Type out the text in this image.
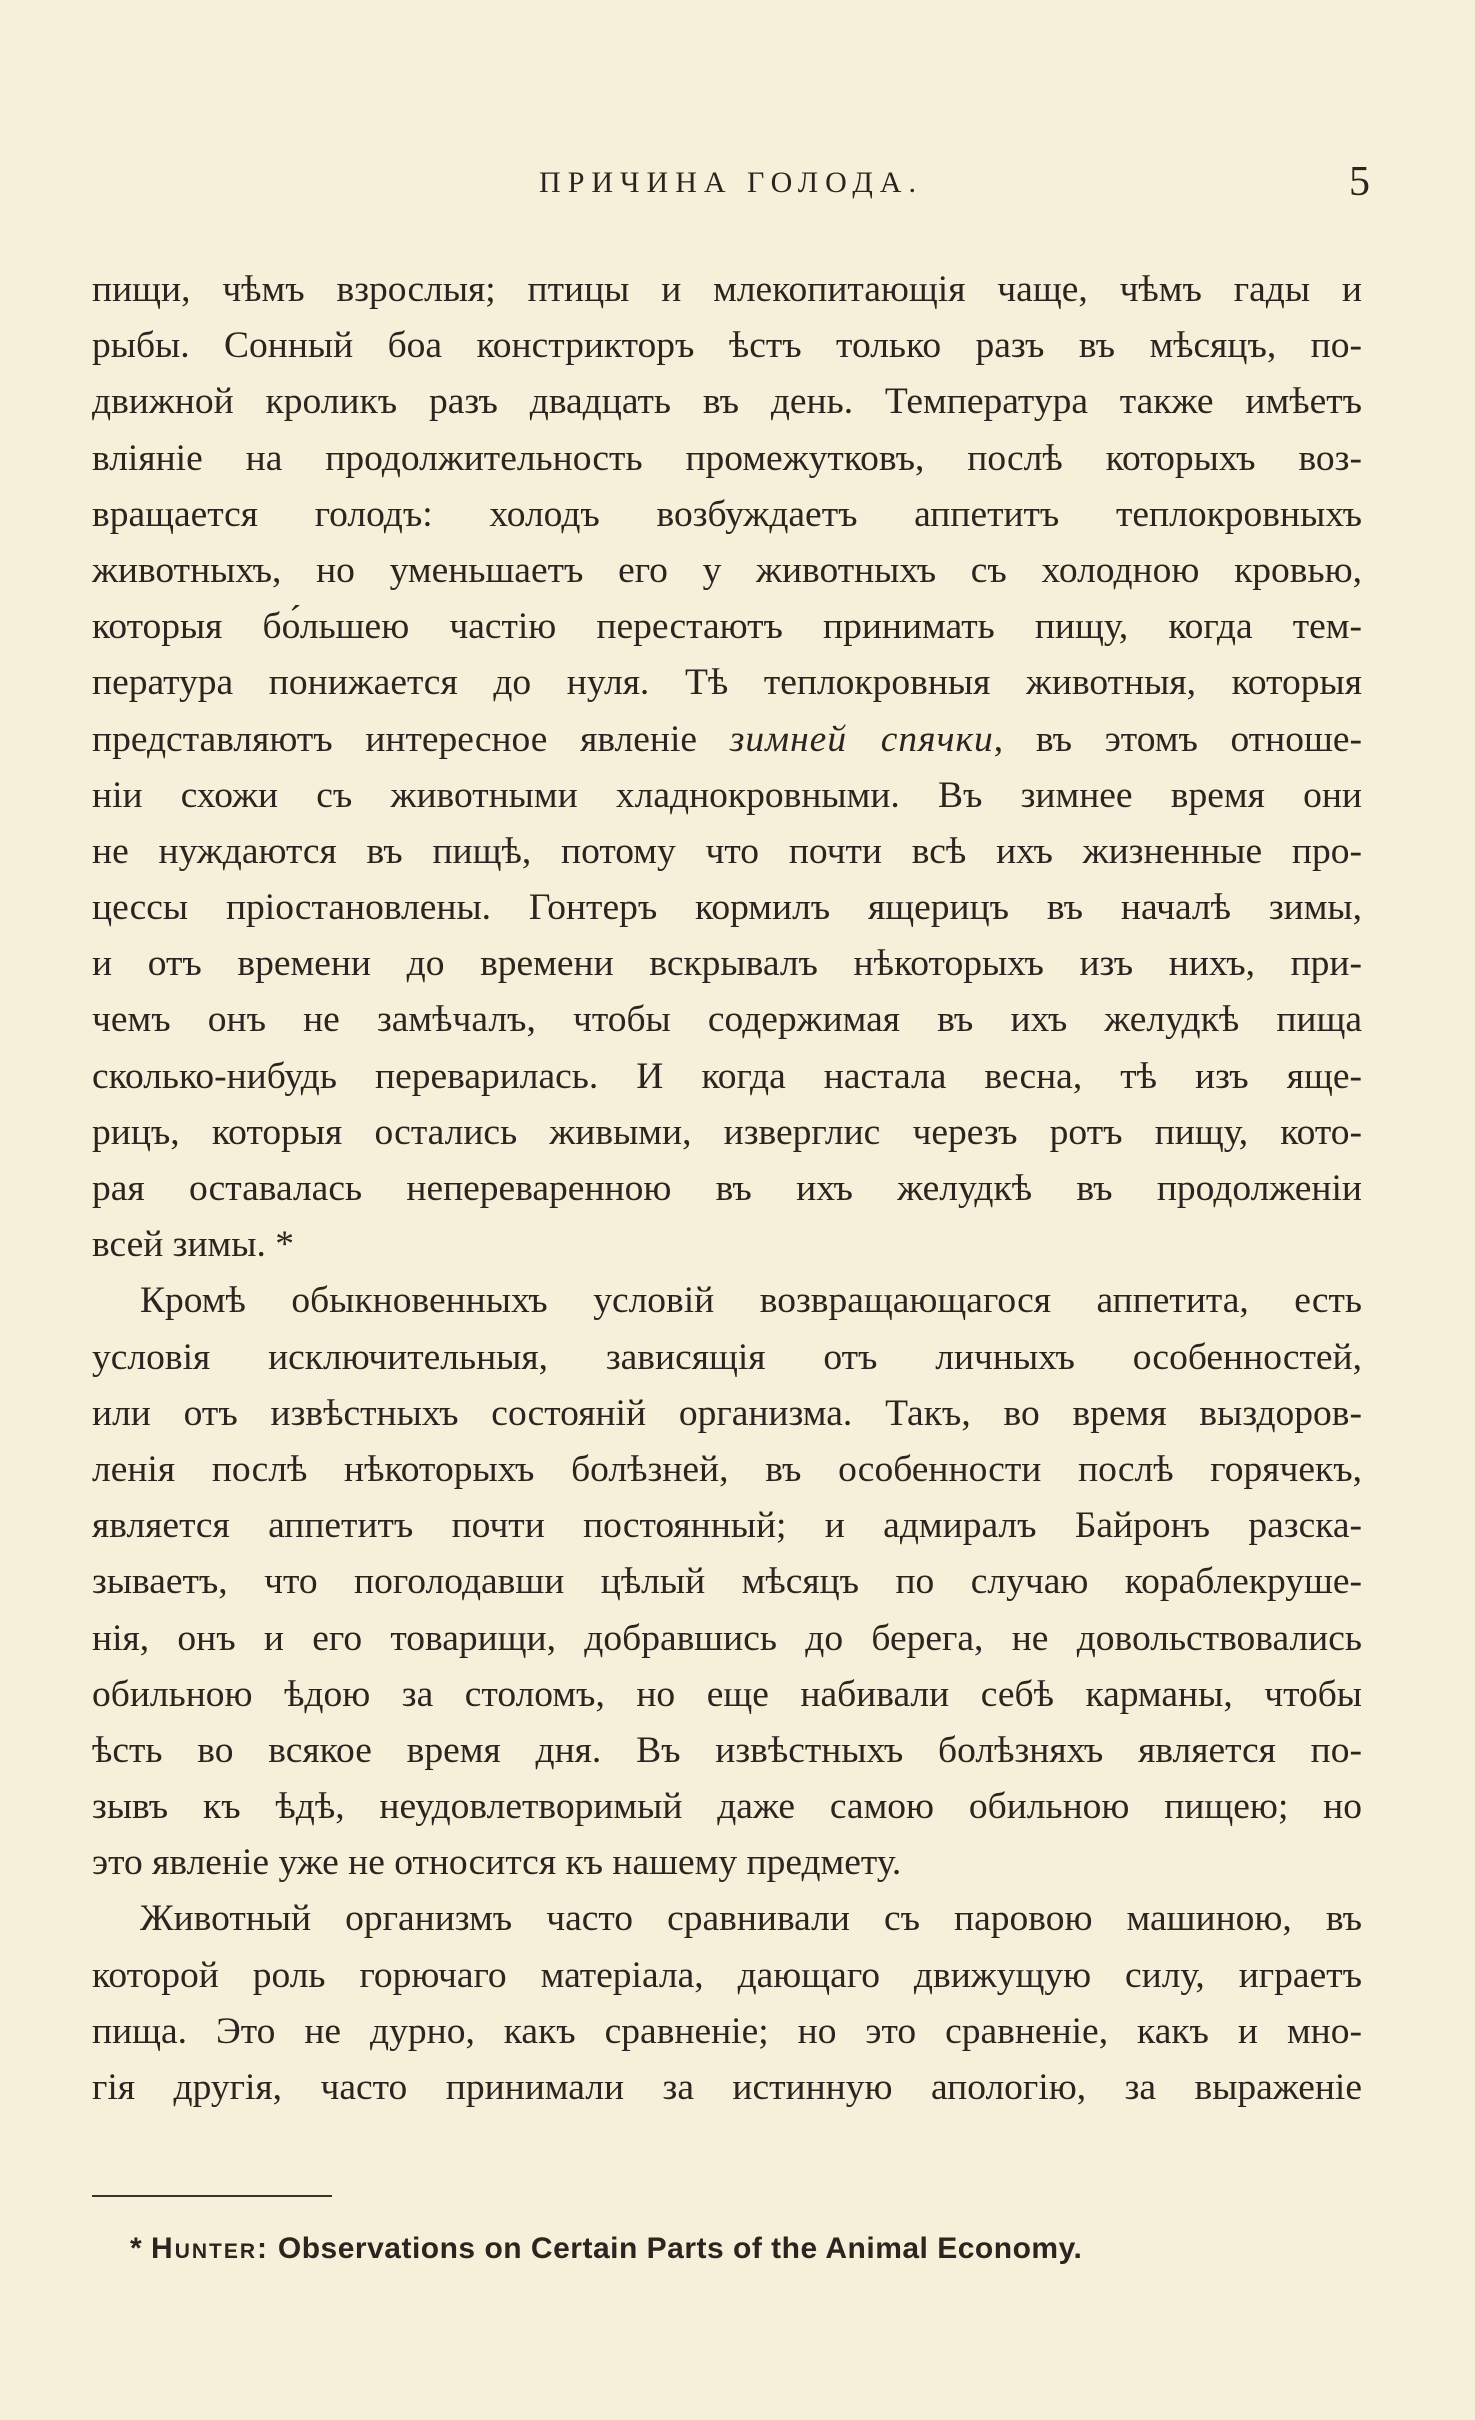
ПРИЧИНА ГОЛОДА.	5
пищи, чѣмъ взрослыя; птицы и млекопитающія чаще, чѣмъ гады и
рыбы. Сонный боа констрикторъ ѣстъ только разъ въ мѣсяцъ, по-
движной кроликъ разъ двадцать въ день. Температура также имѣетъ
вліяніе на продолжительность промежутковъ, послѣ которыхъ воз-
вращается голодъ: холодъ возбуждаетъ аппетитъ теплокровныхъ
животныхъ, но уменьшаетъ его у животныхъ съ холодною кровью,
которыя бо́льшею частію перестаютъ принимать пищу, когда тем-
пература понижается до нуля. Тѣ теплокровныя животныя, которыя
представляютъ интересное явленіе зимней спячки, въ этомъ отноше-
ніи схожи съ животными хладнокровными. Въ зимнее время они
не нуждаются въ пищѣ, потому что почти всѣ ихъ жизненные про-
цессы пріостановлены. Гонтеръ кормилъ ящерицъ въ началѣ зимы,
и отъ времени до времени вскрывалъ нѣкоторыхъ изъ нихъ, при-
чемъ онъ не замѣчалъ, чтобы содержимая въ ихъ желудкѣ пища
сколько-нибудь переварилась. И когда настала весна, тѣ изъ яще-
рицъ, которыя остались живыми, изверглис черезъ ротъ пищу, кото-
рая оставалась непереваренною въ ихъ желудкѣ въ продолженіи
всей зимы. *
Кромѣ обыкновенныхъ условій возвращающагося аппетита, есть
условія исключительныя, зависящія отъ личныхъ особенностей,
или отъ извѣстныхъ состояній организма. Такъ, во время выздоров-
ленія послѣ нѣкоторыхъ болѣзней, въ особенности послѣ горячекъ,
является аппетитъ почти постоянный; и адмиралъ Байронъ разска-
зываетъ, что поголодавши цѣлый мѣсяцъ по случаю кораблекруше-
нія, онъ и его товарищи, добравшись до берега, не довольствовались
обильною ѣдою за столомъ, но еще набивали себѣ карманы, чтобы
ѣсть во всякое время дня. Въ извѣстныхъ болѣзняхъ является по-
зывъ къ ѣдѣ, неудовлетворимый даже самою обильною пищею; но
это явленіе уже не относится къ нашему предмету.
Животный организмъ часто сравнивали съ паровою машиною, въ
которой роль горючаго матеріала, дающаго движущую силу, играетъ
пища. Это не дурно, какъ сравненіе; но это сравненіе, какъ и мно-
гія другія, часто принимали за истинную апологію, за выраженіе
* Hunter: Observations on Certain Parts of the Animal Economy.
